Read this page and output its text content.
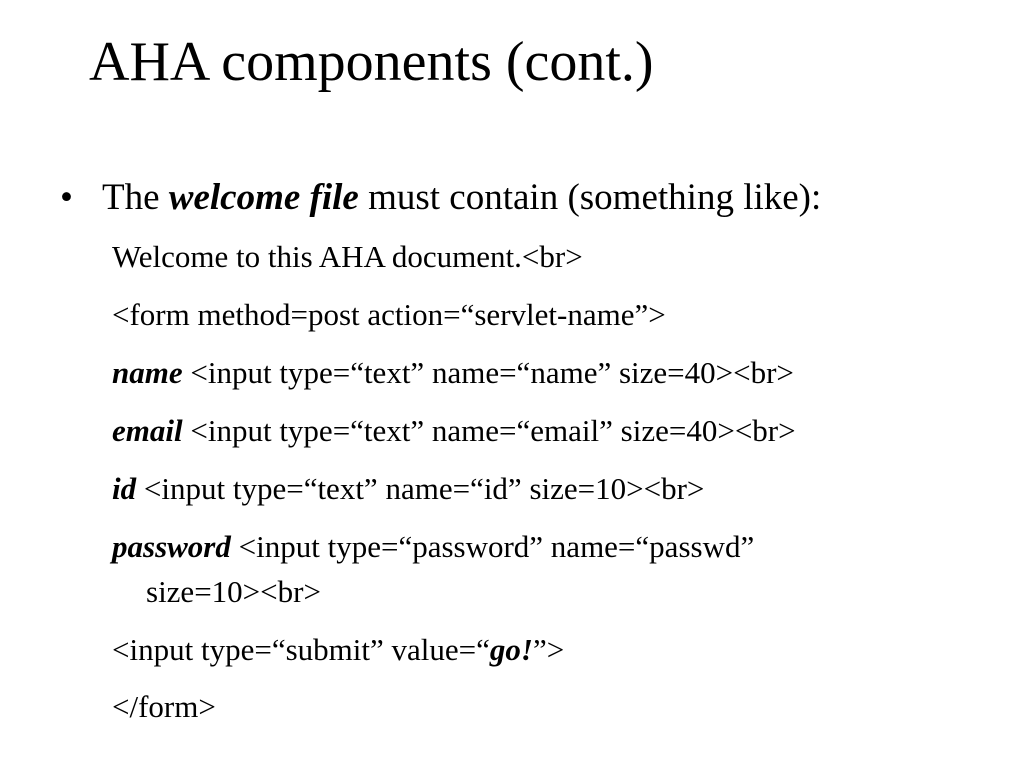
AHA components (cont.)
• The welcome file must contain (something like):
Welcome to this AHA document.<br>
<form method=post action=“servlet-name”>
name <input type=“text” name=“name” size=40><br>
email <input type=“text” name=“email” size=40><br>
id <input type=“text” name=“id” size=10><br>
password <input type=“password” name=“passwd”
size=10><br>
<input type=“submit” value=“go!”>
</form>
